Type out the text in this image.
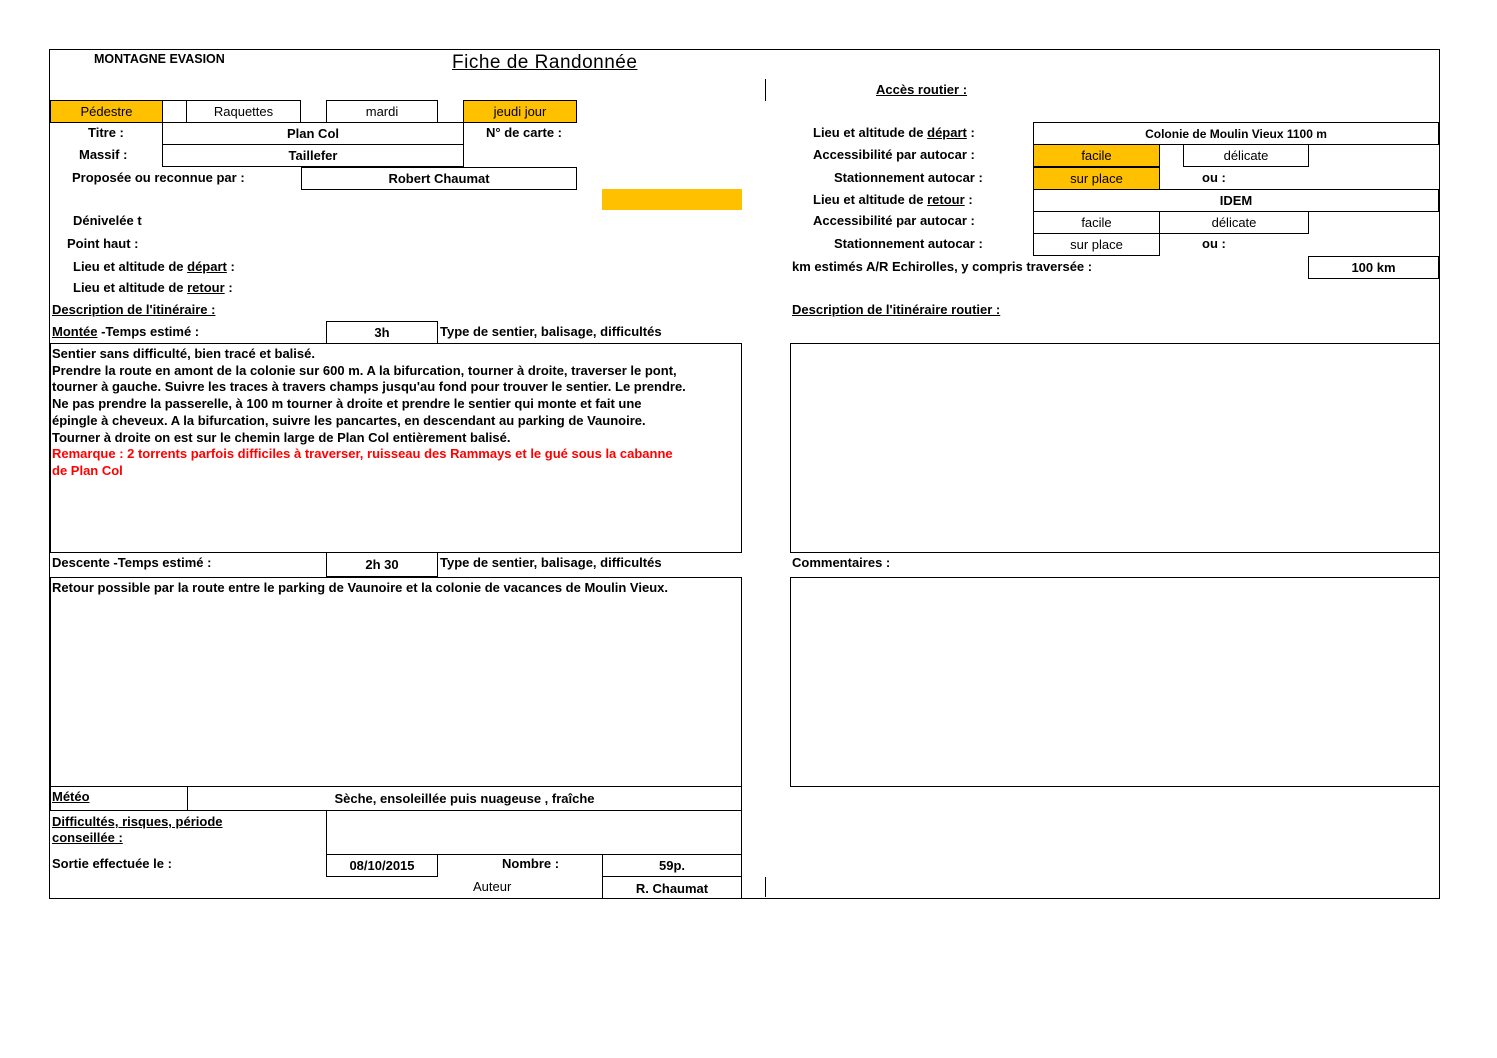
MONTAGNE EVASION	Fiche de Randonnée
Accès routier :
Pédestre	Raquettes	mardi	jeudi jour
Titre :	Plan Col	N° de carte :
Massif :	Taillefer
Proposée ou reconnue par :	Robert Chaumat
Dénivelée t
Point haut :
Lieu et altitude de départ :
Lieu et altitude de retour :
Description de l'itinéraire :
Lieu et altitude de départ :	Colonie de Moulin Vieux 1100 m
Accessibilité par autocar :	facile	délicate
Stationnement autocar :	sur place	ou :
Lieu et altitude de retour :	IDEM
Accessibilité par autocar :	facile	délicate
Stationnement autocar :	sur place	ou :
km estimés A/R Echirolles, y compris traversée :	100 km
Description de l'itinéraire routier :
Montée -Temps estimé :	3h	Type de sentier, balisage, difficultés
Sentier sans difficulté, bien tracé et balisé.
Prendre la route en amont de la colonie sur 600 m. A la bifurcation, tourner à droite, traverser le pont,
tourner à gauche. Suivre les traces à travers champs jusqu'au fond pour trouver le sentier. Le prendre.
Ne pas prendre la passerelle, à 100 m tourner à droite et prendre le sentier qui monte et fait une
épingle à cheveux. A la bifurcation, suivre les pancartes, en descendant au parking de Vaunoire.
Tourner à droite on est sur le chemin large de Plan Col entièrement balisé.
Remarque : 2 torrents parfois difficiles à traverser, ruisseau des Rammays et le gué sous la cabanne
de Plan Col
Descente -Temps estimé :	2h 30	Type de sentier, balisage, difficultés	Commentaires :
Retour possible par la route entre le parking de Vaunoire et la colonie de vacances de Moulin Vieux.
Météo	Sèche, ensoleillée puis nuageuse , fraîche
Difficultés, risques, période
conseillée :
Sortie effectuée le :	08/10/2015	Nombre :	59p.
Auteur	R. Chaumat
